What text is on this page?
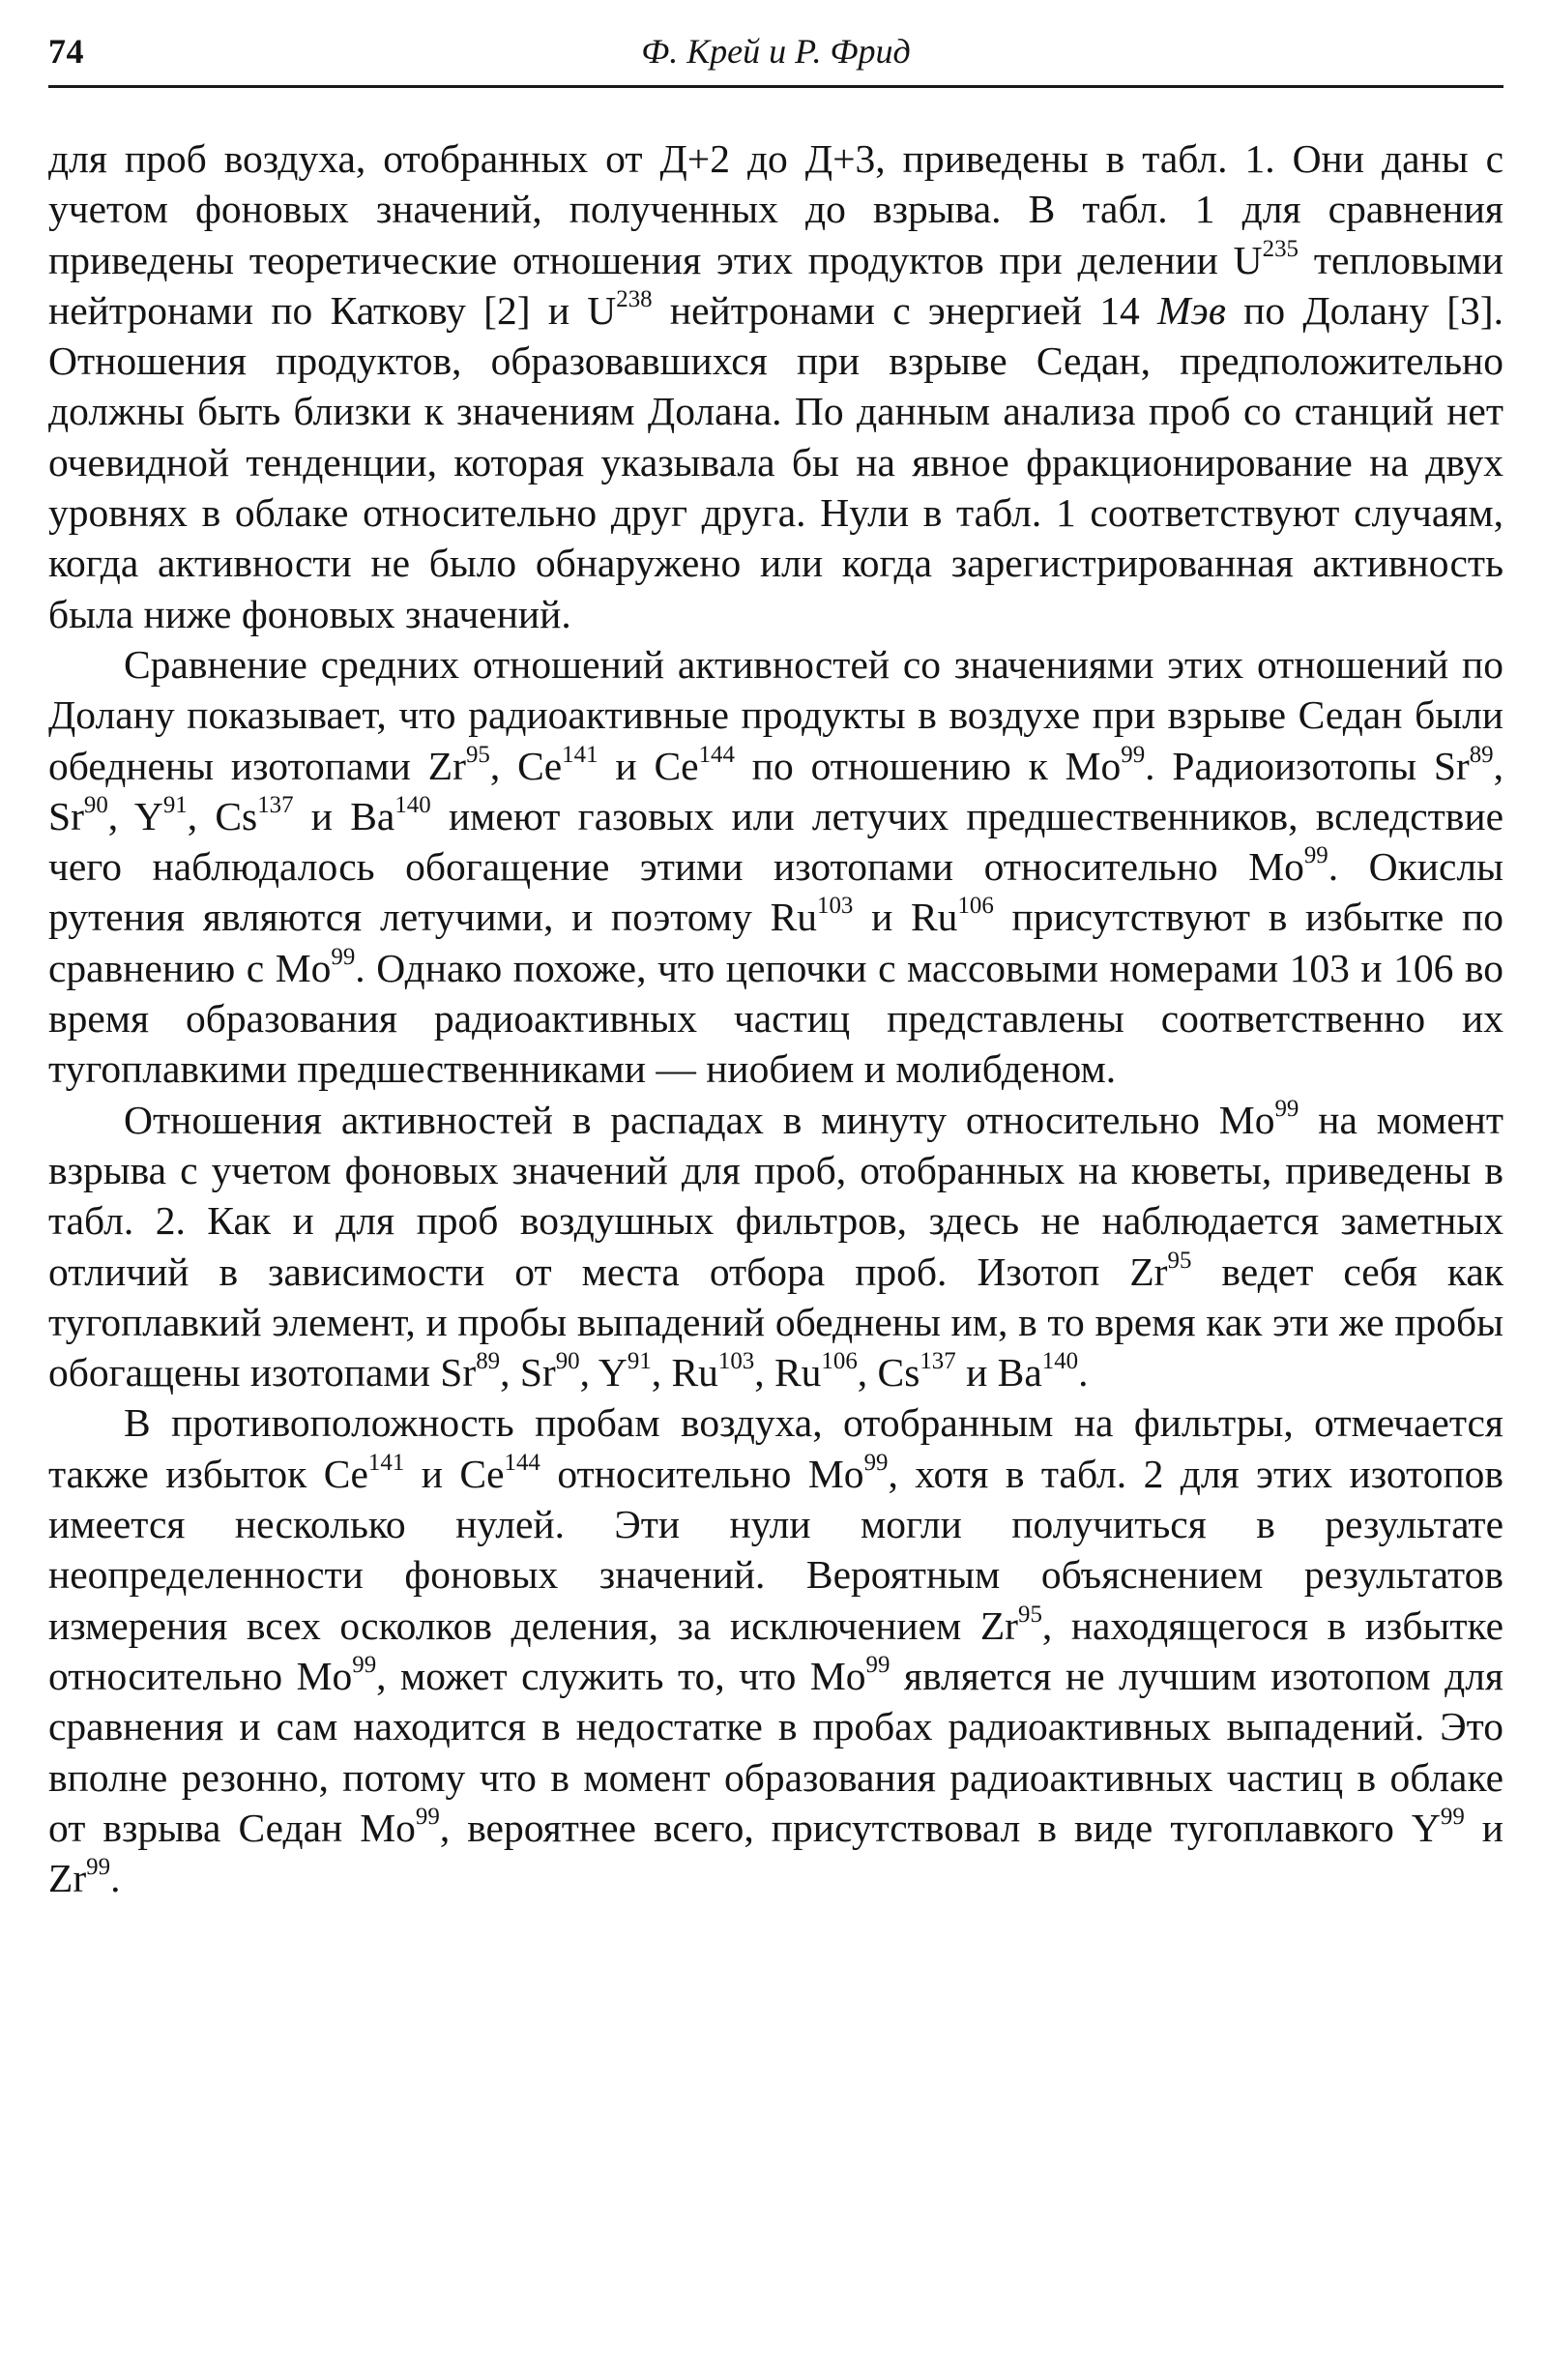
74	Ф. Крей и Р. Фрид

для проб воздуха, отобранных от Д+2 до Д+3, приведены в табл. 1. Они даны с учетом фоновых значений, полученных до взрыва. В табл. 1 для сравнения приведены теоретические отношения этих продуктов при делении $U^{235}$ тепловыми нейтронами по Каткову [2] и $U^{238}$ нейтронами с энергией 14 Мэв по Долану [3]. Отношения продуктов, образовавшихся при взрыве Седан, предположительно должны быть близки к значениям Долана. По данным анализа проб со станций нет очевидной тенденции, которая указывала бы на явное фракционирование на двух уровнях в облаке относительно друг друга. Нули в табл. 1 соответствуют случаям, когда активности не было обнаружено или когда зарегистрированная активность была ниже фоновых значений.

Сравнение средних отношений активностей со значениями этих отношений по Долану показывает, что радиоактивные продукты в воздухе при взрыве Седан были обеднены изотопами Zr$^{95}$, Ce$^{141}$ и Ce$^{144}$ по отношению к Mo$^{99}$. Радиоизотопы Sr$^{89}$, Sr$^{90}$, $Y^{91}$, Cs$^{137}$ и Ba$^{140}$ имеют газовых или летучих предшественников, вследствие чего наблюдалось обогащение этими изотопами относительно Mo$^{99}$. Окислы рутения являются летучими, и поэтому Ru$^{103}$ и Ru$^{106}$ присутствуют в избытке по сравнению с Mo$^{99}$. Однако похоже, что цепочки с массовыми номерами 103 и 106 во время образования радиоактивных частиц представлены соответственно их тугоплавкими предшественниками — ниобием и молибденом.

Отношения активностей в распадах в минуту относительно Mo$^{99}$ на момент взрыва с учетом фоновых значений для проб, отобранных на кюветы, приведены в табл. 2. Как и для проб воздушных фильтров, здесь не наблюдается заметных отличий в зависимости от места отбора проб. Изотоп Zr$^{95}$ ведет себя как тугоплавкий элемент, и пробы выпадений обеднены им, в то время как эти же пробы обогащены изотопами Sr$^{89}$, Sr$^{90}$, $Y^{91}$, Ru$^{103}$, Ru$^{106}$, Cs$^{137}$ и Ba$^{140}$.

В противоположность пробам воздуха, отобранным на фильтры, отмечается также избыток Ce$^{141}$ и Ce$^{144}$ относительно Mo$^{99}$, хотя в табл. 2 для этих изотопов имеется несколько нулей. Эти нули могли получиться в результате неопределенности фоновых значений. Вероятным объяснением результатов измерения всех осколков деления, за исключением Zr$^{95}$, находящегося в избытке относительно Mo$^{99}$, может служить то, что Mo$^{99}$ является не лучшим изотопом для сравнения и сам находится в недостатке в пробах радиоактивных выпадений. Это вполне резонно, потому что в момент образования радиоактивных частиц в облаке от взрыва Седан Mo$^{99}$, вероятнее всего, присутствовал в виде тугоплавкого $Y^{99}$ и Zr$^{99}$.
